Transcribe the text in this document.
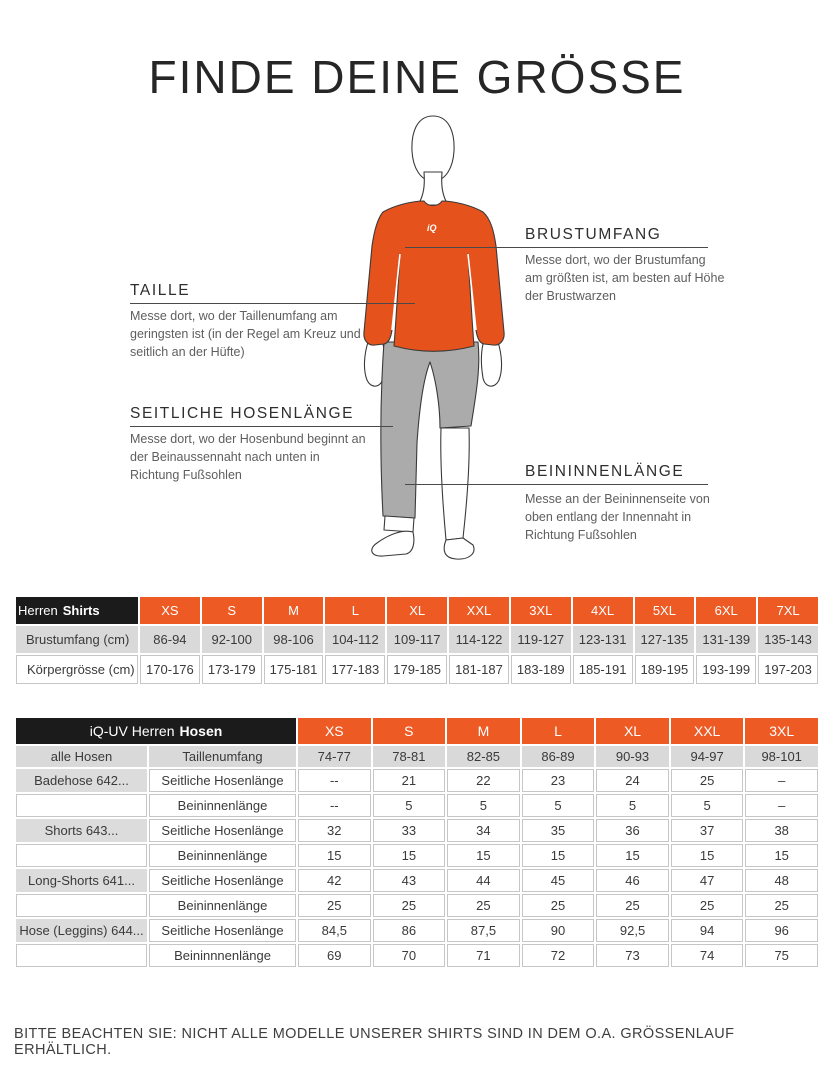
FINDE DEINE GRÖSSE
iQ	BRUSTUMFANG
Messe dort, wo der Brustumfang am größten ist, am besten auf Höhe der Brustwarzen
TAILLE
Messe dort, wo der Taillenumfang am geringsten ist (in der Regel am Kreuz und seitlich an der Hüfte)
SEITLICHE HOSENLÄNGE
Messe dort, wo der Hosenbund beginnt an der Beinaussennaht nach unten in Richtung Fußsohlen	BEININNENLÄNGE
Messe an der Beininnenseite von oben entlang der Innennaht in Richtung Fußsohlen
Herren Shirts	XS	S	M	L	XL	XXL	3XL	4XL	5XL	6XL	7XL
Brustumfang (cm)	86-94	92-100	98-106	104-112	109-117	114-122	119-127	123-131	127-135	131-139	135-143
Körpergrösse (cm)	170-176	173-179	175-181	177-183	179-185	181-187	183-189	185-191	189-195	193-199	197-203
iQ-UV Herren Hosen		XS	S	M	L	XL	XXL	3XL
alle Hosen	Taillenumfang	74-77	78-81	82-85	86-89	90-93	94-97	98-101
Badehose 642...	Seitliche Hosenlänge	--	21	22	23	24	25	–
	Beininnenlänge	--	5	5	5	5	5	–
Shorts 643...	Seitliche Hosenlänge	32	33	34	35	36	37	38
	Beininnenlänge	15	15	15	15	15	15	15
Long-Shorts 641...	Seitliche Hosenlänge	42	43	44	45	46	47	48
	Beininnenlänge	25	25	25	25	25	25	25
Hose (Leggins) 644...	Seitliche Hosenlänge	84,5	86	87,5	90	92,5	94	96
	Beininnnenlänge	69	70	71	72	73	74	75
BITTE BEACHTEN SIE: NICHT ALLE MODELLE UNSERER SHIRTS SIND IN DEM O.A. GRÖSSENLAUF ERHÄLTLICH.
